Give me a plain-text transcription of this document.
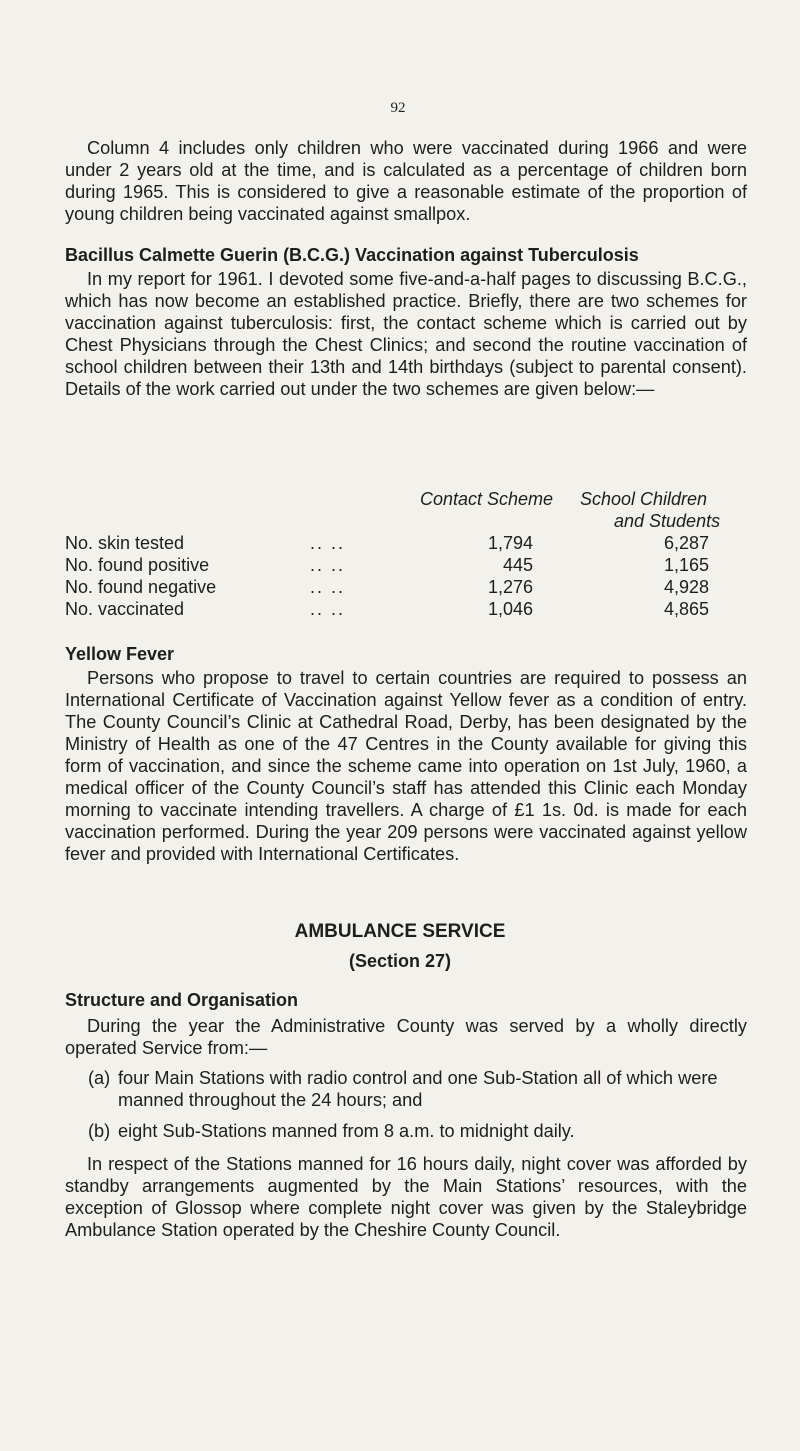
92

Column 4 includes only children who were vaccinated during 1966 and were under 2 years old at the time, and is calculated as a percentage of children born during 1965. This is considered to give a reasonable estimate of the proportion of young children being vaccinated against smallpox.

Bacillus Calmette Guerin (B.C.G.) Vaccination against Tuberculosis

In my report for 1961. I devoted some five-and-a-half pages to discussing B.C.G., which has now become an established practice. Briefly, there are two schemes for vaccination against tuberculosis: first, the contact scheme which is carried out by Chest Physicians through the Chest Clinics; and second the routine vaccination of school children between their 13th and 14th birthdays (subject to parental consent). Details of the work carried out under the two schemes are given below:—

Contact Scheme School Children
and Students
No. skin tested	.. ..	1,794	6,287
No. found positive	.. ..	445	1,165
No. found negative	.. ..	1,276	4,928
No. vaccinated	.. ..	1,046	4,865

Yellow Fever

Persons who propose to travel to certain countries are required to possess an International Certificate of Vaccination against Yellow fever as a condition of entry. The County Council’s Clinic at Cathedral Road, Derby, has been designated by the Ministry of Health as one of the 47 Centres in the County available for giving this form of vaccination, and since the scheme came into operation on 1st July, 1960, a medical officer of the County Council’s staff has attended this Clinic each Monday morning to vaccinate intending travellers. A charge of £1 1s. 0d. is made for each vaccination performed. During the year 209 persons were vaccinated against yellow fever and provided with International Certificates.

AMBULANCE SERVICE

(Section 27)

Structure and Organisation

During the year the Administrative County was served by a wholly directly operated Service from:—

(a) four Main Stations with radio control and one Sub-Station all of which were manned throughout the 24 hours; and
(b) eight Sub-Stations manned from 8 a.m. to midnight daily.

In respect of the Stations manned for 16 hours daily, night cover was afforded by standby arrangements augmented by the Main Stations’ resources, with the exception of Glossop where complete night cover was given by the Staleybridge Ambulance Station operated by the Cheshire County Council.
